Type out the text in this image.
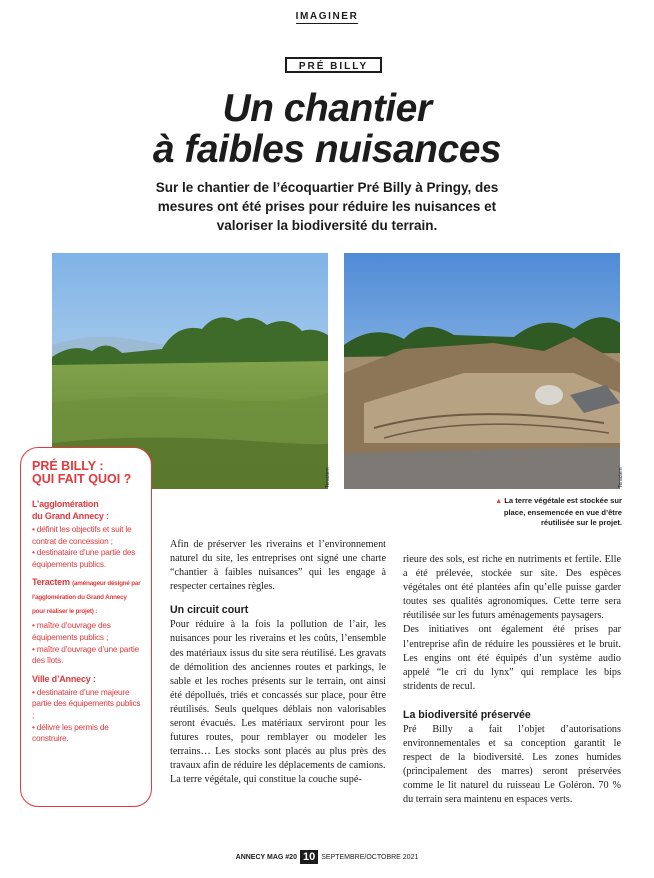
IMAGINER
PRÉ BILLY
Un chantier
à faibles nuisances

Sur le chantier de l’écoquartier Pré Billy à Pringy, des mesures ont été prises pour réduire les nuisances et valoriser la biodiversité du terrain.

Teractem	Teractem
▲ La terre végétale est stockée sur place, ensemencée en vue d’être réutilisée sur le projet.
PRÉ BILLY :
QUI FAIT QUOI ?
L’agglomération
du Grand Annecy :
• définit les objectifs et suit le contrat de concession ;
• destinataire d’une partie des équipements publics.
Teractem (aménageur désigné par l’agglomération du Grand Annecy pour réaliser le projet) :
• maître d’ouvrage des équipements publics ;
• maître d’ouvrage d’une partie des îlots.
Ville d’Annecy :
• destinataire d’une majeure partie des équipements publics ;
• délivre les permis de construire.

Afin de préserver les riverains et l’environnement naturel du site, les entreprises ont signé une charte “chantier à faibles nuisances” qui les engage à respecter certaines règles.

Un circuit court

Pour réduire à la fois la pollution de l’air, les nuisances pour les riverains et les coûts, l’ensemble des matériaux issus du site sera réutilisé. Les gravats de démolition des anciennes routes et parkings, le sable et les roches présents sur le terrain, ont ainsi été dépollués, triés et concassés sur place, pour être réutilisés. Seuls quelques déblais non valorisables seront évacués. Les matériaux serviront pour les futures routes, pour remblayer ou modeler les terrains… Les stocks sont placés au plus près des travaux afin de réduire les déplacements de camions.

La terre végétale, qui constitue la couche supé-

rieure des sols, est riche en nutriments et fertile. Elle a été prélevée, stockée sur site. Des espèces végétales ont été plantées afin qu’elle puisse garder toutes ses qualités agronomiques. Cette terre sera réutilisée sur les futurs aménagements paysagers.

Des initiatives ont également été prises par l’entreprise afin de réduire les poussières et le bruit. Les engins ont été équipés d’un système audio appelé “le cri du lynx” qui remplace les bips stridents de recul.

La biodiversité préservée

Pré Billy a fait l’objet d’autorisations environnementales et sa conception garantit le respect de la biodiversité. Les zones humides (principalement des marres) seront préservées comme le lit naturel du ruisseau Le Goléron. 70 % du terrain sera maintenu en espaces verts.

ANNECY MAG #20 10 SEPTEMBRE/OCTOBRE 2021
